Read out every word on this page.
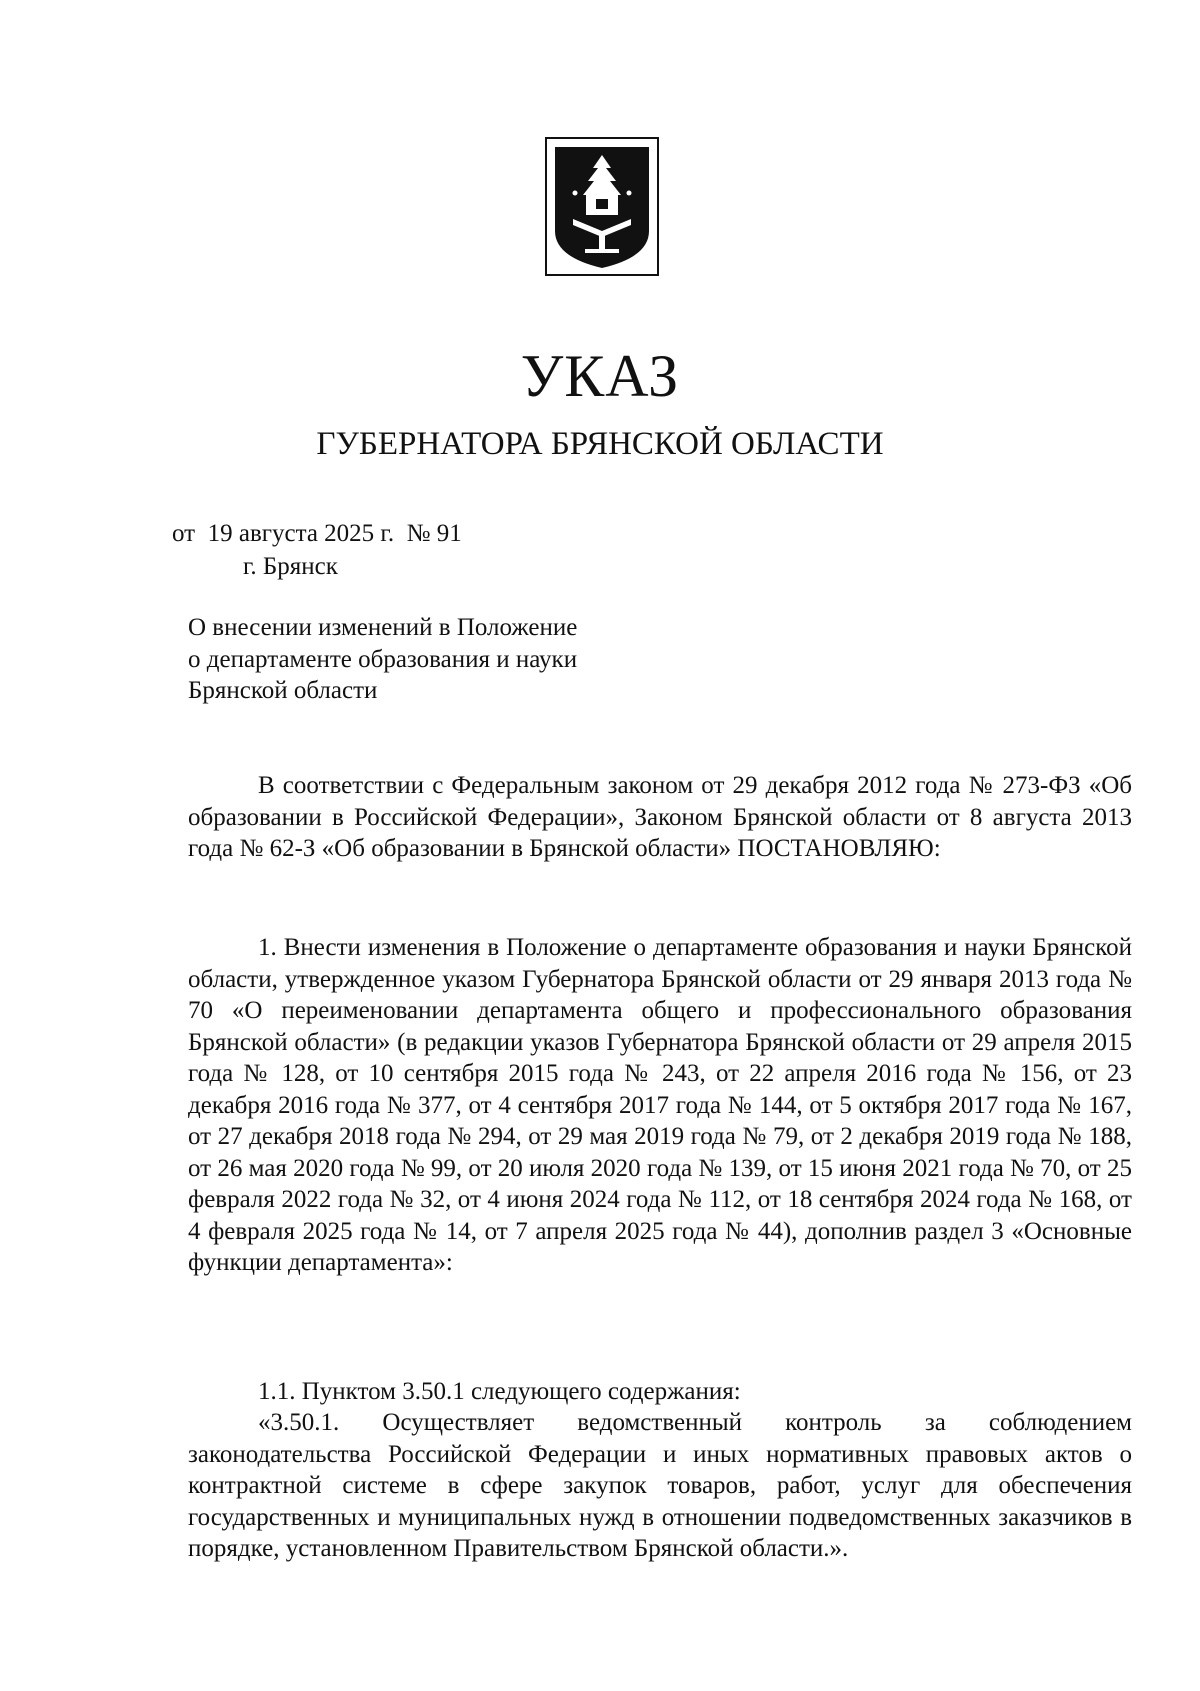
УКАЗ
ГУБЕРНАТОРА БРЯНСКОЙ ОБЛАСТИ
от  19 августа 2025 г.  № 91
г. Брянск
О внесении изменений в Положение
о департаменте образования и науки
Брянской области

В соответствии с Федеральным законом от 29 декабря 2012 года № 273-ФЗ «Об образовании в Российской Федерации», Законом Брянской области от 8 августа 2013 года № 62-З «Об образовании в Брянской области» ПОСТАНОВЛЯЮ:

1. Внести изменения в Положение о департаменте образования и науки Брянской области, утвержденное указом Губернатора Брянской области от 29 января 2013 года № 70 «О переименовании департамента общего и профессионального образования Брянской области» (в редакции указов Губернатора Брянской области от 29 апреля 2015 года № 128, от 10 сентября 2015 года № 243, от 22 апреля 2016 года № 156, от 23 декабря 2016 года № 377, от 4 сентября 2017 года № 144, от 5 октября 2017 года № 167, от 27 декабря 2018 года № 294, от 29 мая 2019 года № 79, от 2 декабря 2019 года № 188, от 26 мая 2020 года № 99, от 20 июля 2020 года № 139, от 15 июня 2021 года № 70, от 25 февраля 2022 года № 32, от 4 июня 2024 года № 112, от 18 сентября 2024 года № 168, от 4 февраля 2025 года № 14, от 7 апреля 2025 года № 44), дополнив раздел 3 «Основные функции департамента»:

1.1. Пунктом 3.50.1 следующего содержания:

«3.50.1. Осуществляет ведомственный контроль за соблюдением законодательства Российской Федерации и иных нормативных правовых актов о контрактной системе в сфере закупок товаров, работ, услуг для обеспечения государственных и муниципальных нужд в отношении подведомственных заказчиков в порядке, установленном Правительством Брянской области.».
